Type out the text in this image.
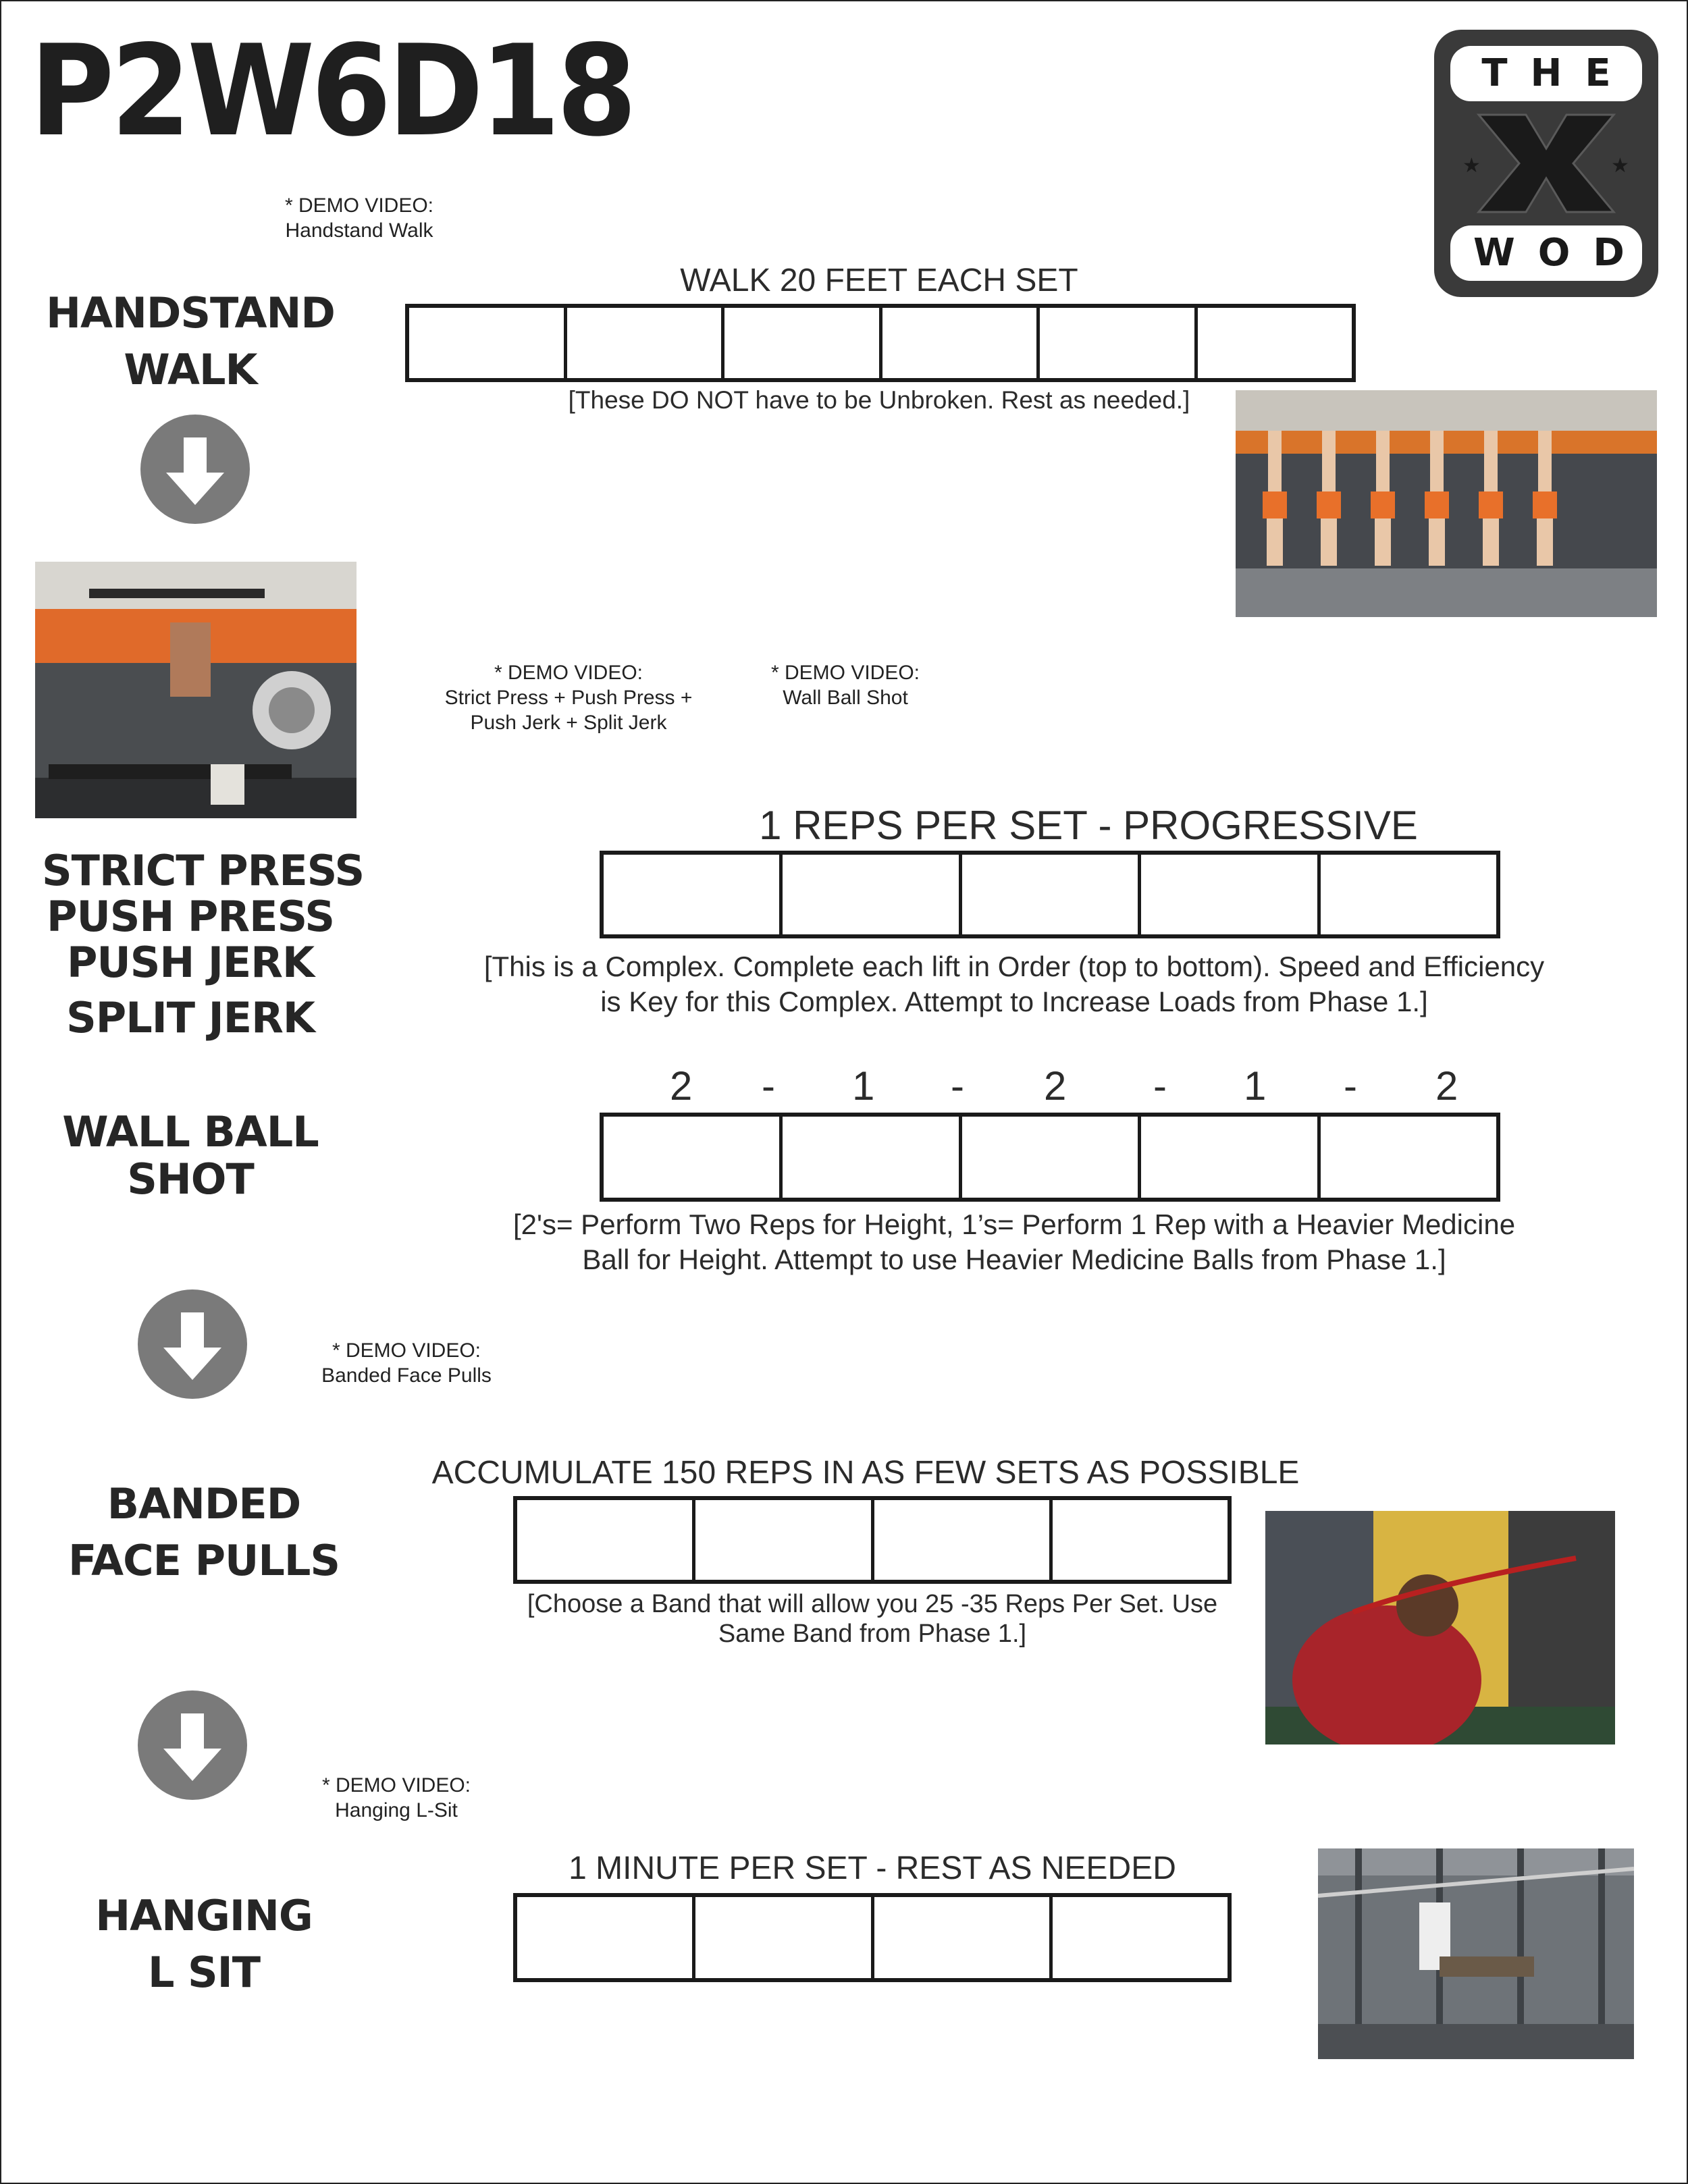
P2W6D18
★	★
THE
WOD
* DEMO VIDEO:
Handstand Walk
HANDSTAND
WALK
WALK 20 FEET EACH SET
[These DO NOT have to be Unbroken. Rest as needed.]
* DEMO VIDEO:
Strict Press + Push Press +
Push Jerk + Split Jerk
* DEMO VIDEO:
Wall Ball Shot
STRICT PRESS
PUSH PRESS
PUSH JERK
SPLIT JERK
1 REPS PER SET - PROGRESSIVE
[This is a Complex. Complete each lift in Order (top to bottom). Speed and Efficiency
is Key for this Complex. Attempt to Increase Loads from Phase 1.]
WALL BALL
SHOT
2 - 1 - 2 - 1 - 2
[2's= Perform Two Reps for Height, 1’s= Perform 1 Rep with a Heavier Medicine
Ball for Height. Attempt to use Heavier Medicine Balls from Phase 1.]
* DEMO VIDEO:
Banded Face Pulls
BANDED
FACE PULLS
ACCUMULATE 150 REPS IN AS FEW SETS AS POSSIBLE
[Choose a Band that will allow you 25 -35 Reps Per Set. Use
Same Band from Phase 1.]
* DEMO VIDEO:
Hanging L-Sit
HANGING
L SIT
1 MINUTE PER SET - REST AS NEEDED
